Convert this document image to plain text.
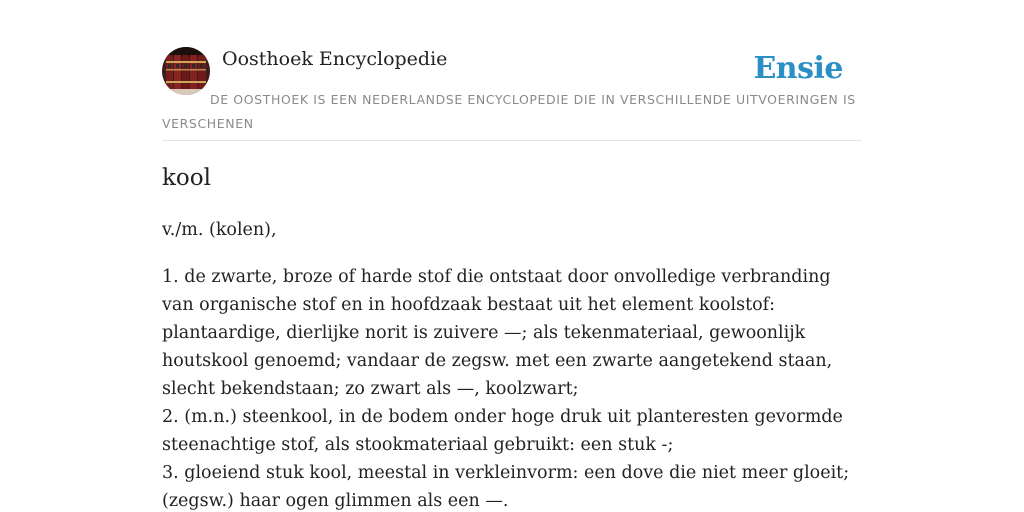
Oosthoek Encyclopedie	Ensie
DE OOSTHOEK IS EEN NEDERLANDSE ENCYCLOPEDIE DIE IN VERSCHILLENDE UITVOERINGEN IS VERSCHENEN
kool
v./m. (kolen),

1. de zwarte, broze of harde stof die ontstaat door onvolledige verbranding van organische stof en in hoofdzaak bestaat uit het element koolstof: plantaardige, dierlijke norit is zuivere —; als tekenmateriaal, gewoonlijk houtskool genoemd; vandaar de zegsw. met een zwarte aangetekend staan, slecht bekendstaan; zo zwart als —, koolzwart;

2. (m.n.) steenkool, in de bodem onder hoge druk uit planteresten gevormde steenachtige stof, als stookmateriaal gebruikt: een stuk -;

3. gloeiend stuk kool, meestal in verkleinvorm: een dove die niet meer gloeit; (zegsw.) haar ogen glimmen als een —.
